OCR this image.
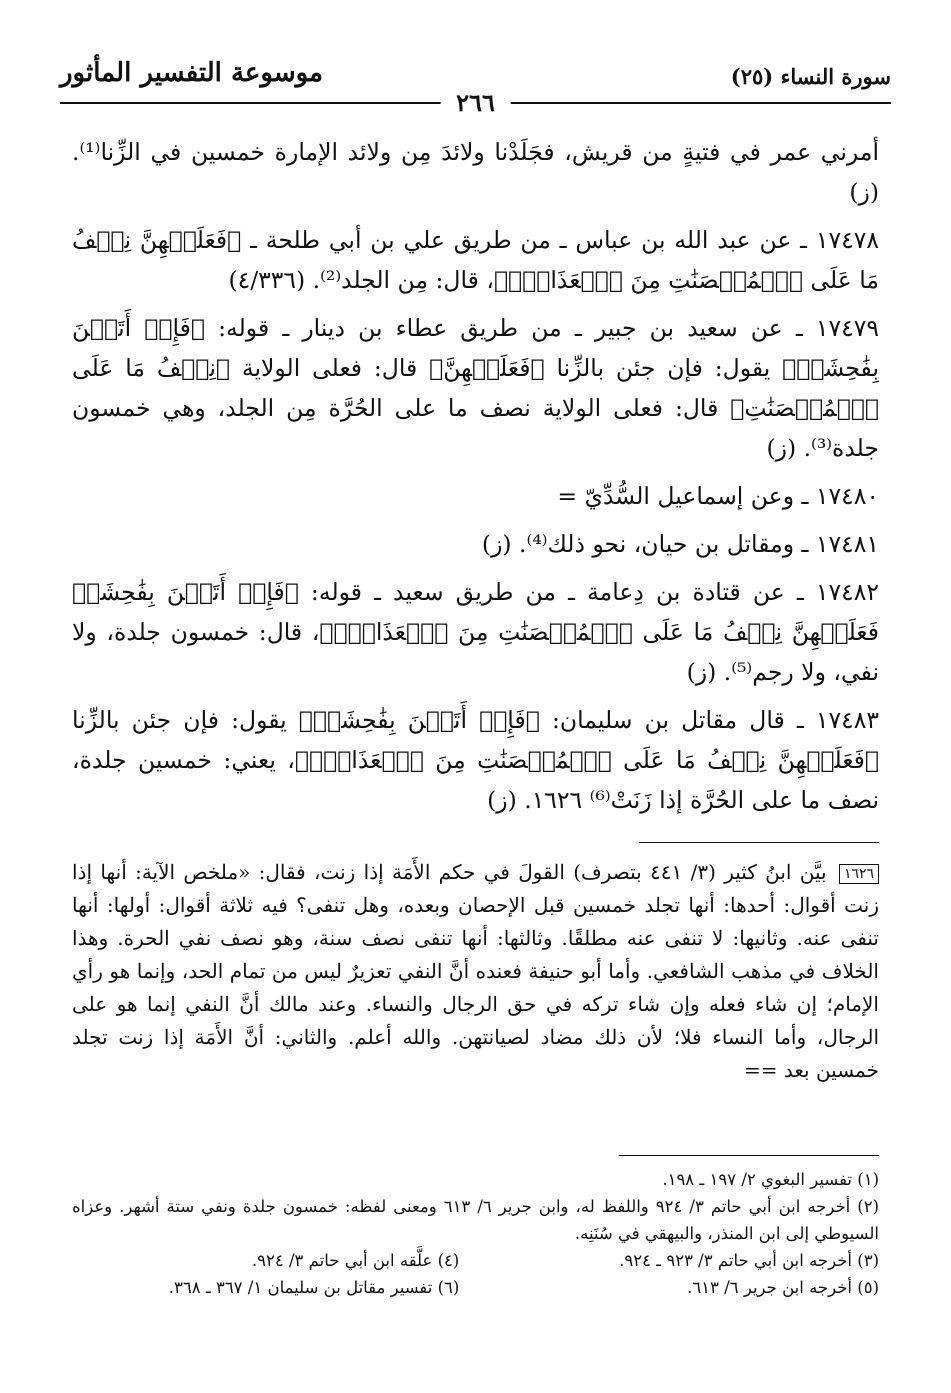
موسوعة التفسير المأثور	سورة النساء (٢٥)
٢٦٦

أمرني عمر في فتيةٍ من قريش، فجَلَدْنا ولائدَ مِن ولائد الإمارة خمسين في الزِّنا⁽¹⁾. (ز)

١٧٤٧٨ ـ عن عبد الله بن عباس ـ من طريق علي بن أبي طلحة ـ ﴿فَعَلَيۡهِنَّ نِصۡفُ مَا عَلَى ٱلۡمُحۡصَنَٰتِ مِنَ ٱلۡعَذَابِۚ﴾، قال: مِن الجلد⁽²⁾. (٤/٣٣٦)

١٧٤٧٩ ـ عن سعيد بن جبير ـ من طريق عطاء بن دينار ـ قوله: ﴿فَإِنۡ أَتَيۡنَ بِفَٰحِشَةٖ﴾ يقول: فإن جئن بالزِّنا ﴿فَعَلَيۡهِنَّ﴾ قال: فعلى الولاية ﴿نِصۡفُ مَا عَلَى ٱلۡمُحۡصَنَٰتِ﴾ قال: فعلى الولاية نصف ما على الحُرَّة مِن الجلد، وهي خمسون جلدة⁽³⁾. (ز)

١٧٤٨٠ ـ وعن إسماعيل السُّدِّيّ =

١٧٤٨١ ـ ومقاتل بن حيان، نحو ذلك⁽⁴⁾. (ز)

١٧٤٨٢ ـ عن قتادة بن دِعامة ـ من طريق سعيد ـ قوله: ﴿فَإِنۡ أَتَيۡنَ بِفَٰحِشَةٖ فَعَلَيۡهِنَّ نِصۡفُ مَا عَلَى ٱلۡمُحۡصَنَٰتِ مِنَ ٱلۡعَذَابِۚ﴾، قال: خمسون جلدة، ولا نفي، ولا رجم⁽⁵⁾. (ز)

١٧٤٨٣ ـ قال مقاتل بن سليمان: ﴿فَإِنۡ أَتَيۡنَ بِفَٰحِشَةٖ﴾ يقول: فإن جئن بالزِّنا ﴿فَعَلَيۡهِنَّ نِصۡفُ مَا عَلَى ٱلۡمُحۡصَنَٰتِ مِنَ ٱلۡعَذَابِۚ﴾، يعني: خمسين جلدة، نصف ما على الحُرَّة إذا زَنَتْ⁽⁶⁾ ١٦٢٦. (ز)

١٦٢٦ بيَّن ابنُ كثير (٣/ ٤٤١ بتصرف) القولَ في حكم الأَمَة إذا زنت، فقال: «ملخص الآية: أنها إذا زنت أقوال: أحدها: أنها تجلد خمسين قبل الإحصان وبعده، وهل تنفى؟ فيه ثلاثة أقوال: أولها: أنها تنفى عنه. وثانيها: لا تنفى عنه مطلقًا. وثالثها: أنها تنفى نصف سنة، وهو نصف نفي الحرة. وهذا الخلاف في مذهب الشافعي. وأما أبو حنيفة فعنده أنَّ النفي تعزيرٌ ليس من تمام الحد، وإنما هو رأي الإمام؛ إن شاء فعله وإن شاء تركه في حق الرجال والنساء. وعند مالك أنَّ النفي إنما هو على الرجال، وأما النساء فلا؛ لأن ذلك مضاد لصيانتهن. والله أعلم. والثاني: أنَّ الأَمَة إذا زنت تجلد خمسين بعد ==

(١) تفسير البغوي ٢/ ١٩٧ ـ ١٩٨.

(٢) أخرجه ابن أبي حاتم ٣/ ٩٢٤ واللفظ له، وابن جرير ٦/ ٦١٣ ومعنى لفظه: خمسون جلدة ونفي ستة أشهر. وعزاه السيوطي إلى ابن المنذر، والبيهقي في سُنَنِه.

(٣) أخرجه ابن أبي حاتم ٣/ ٩٢٣ ـ ٩٢٤.

(٤) علَّقه ابن أبي حاتم ٣/ ٩٢٤.

(٥) أخرجه ابن جرير ٦/ ٦١٣.

(٦) تفسير مقاتل بن سليمان ١/ ٣٦٧ ـ ٣٦٨.
